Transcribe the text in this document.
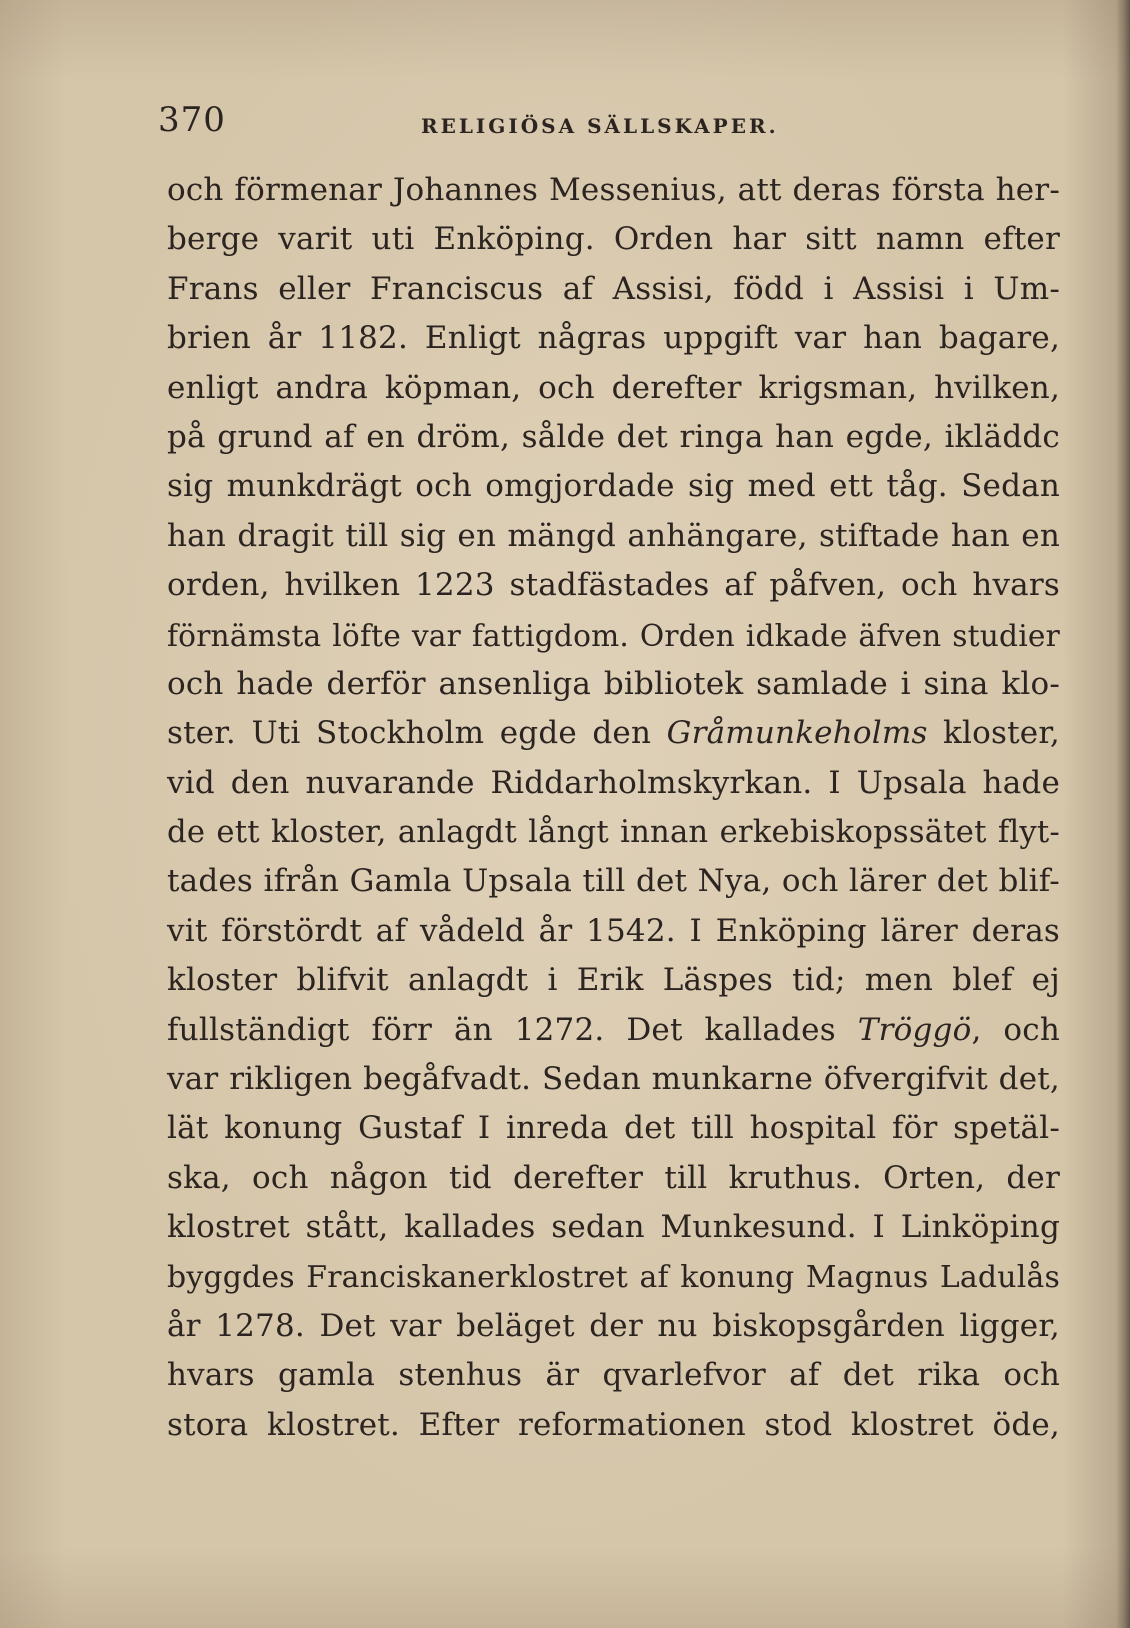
370	RELIGIÖSA SÄLLSKAPER.
och förmenar Johannes Messenius, att deras första her-
berge varit uti Enköping. Orden har sitt namn efter
Frans eller Franciscus af Assisi, född i Assisi i Um-
brien år 1182. Enligt någras uppgift var han bagare,
enligt andra köpman, och derefter krigsman, hvilken,
på grund af en dröm, sålde det ringa han egde, ikläddc
sig munkdrägt och omgjordade sig med ett tåg. Sedan
han dragit till sig en mängd anhängare, stiftade han en
orden, hvilken 1223 stadfästades af påfven, och hvars
förnämsta löfte var fattigdom. Orden idkade äfven studier
och hade derför ansenliga bibliotek samlade i sina klo-
ster. Uti Stockholm egde den Gråmunkeholms kloster,
vid den nuvarande Riddarholmskyrkan. I Upsala hade
de ett kloster, anlagdt långt innan erkebiskopssätet flyt-
tades ifrån Gamla Upsala till det Nya, och lärer det blif-
vit förstördt af vådeld år 1542. I Enköping lärer deras
kloster blifvit anlagdt i Erik Läspes tid; men blef ej
fullständigt förr än 1272. Det kallades Tröggö, och
var rikligen begåfvadt. Sedan munkarne öfvergifvit det,
lät konung Gustaf I inreda det till hospital för spetäl-
ska, och någon tid derefter till kruthus. Orten, der
klostret stått, kallades sedan Munkesund. I Linköping
byggdes Franciskanerklostret af konung Magnus Ladulås
år 1278. Det var beläget der nu biskopsgården ligger,
hvars gamla stenhus är qvarlefvor af det rika och
stora klostret. Efter reformationen stod klostret öde,
